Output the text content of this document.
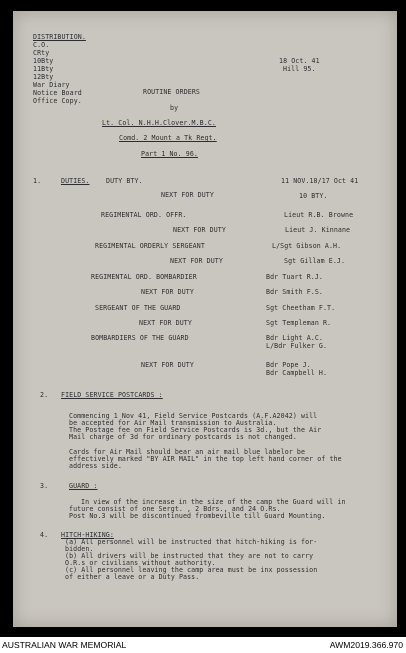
DISTRIBUTION.
C.O.
CRty
10Bty
11Bty
12Bty
War Diary
Notice Board
Office Copy.
18 Oct. 41
Hill 95.
ROUTINE ORDERS
by
Lt. Col. N.H.H.Clover.M.B.C.
Comd. 2 Mount a Tk Regt.
Part 1 No. 96.
1.	DUTIES.	DUTY BTY.	11 NOV.18/17 Oct 41
10 BTY.
NEXT FOR DUTY
REGIMENTAL ORD. OFFR.	Lieut R.B. Browne
NEXT FOR DUTY	Lieut J. Kinnane
REGIMENTAL ORDERLY SERGEANT	L/Sgt Gibson A.H.
NEXT FOR DUTY	Sgt Gillam E.J.
REGIMENTAL ORD. BOMBARDIER	Bdr Tuart R.J.
NEXT FOR DUTY	Bdr Smith F.S.
SERGEANT OF THE GUARD	Sgt Cheetham F.T.
NEXT FOR DUTY	Sgt Templeman R.
BOMBARDIERS OF THE GUARD	Bdr Light A.C.
L/Bdr Fulker G.
NEXT FOR DUTY	Bdr Pope J.
Bdr Campbell H.
2. FIELD SERVICE POSTCARDS :
Commencing 1 Nov 41, Field Service Postcards (A.F.A2042) will
be accepted for Air Mail transmission to Australia.
The Postage fee on Field Service Postcards is 3d., but the Air
Mail charge of 3d for ordinary postcards is not changed.
Cards for Air Mail should bear an air mail blue labelor be
effectively marked "BY AIR MAIL" in the top left hand corner of the
address side.
3.	GUARD :
In view of the increase in the size of the camp the Guard will in
future consist of one Sergt. , 2 Bdrs., and 24 O.Rs.
Post No.3 will be discontinued frombeville till Guard Mounting.
4. HITCH-HIKING:
(a) All personnel will be instructed that hitch-hiking is for-
bidden.
(b) All drivers will be instructed that they are not to carry
O.R.s or civilians without authority.
(c) All personnel leaving the camp area must be inx possession
of either a leave or a Duty Pass.
AUSTRALIAN WAR MEMORIAL	AWM2019.366.970
